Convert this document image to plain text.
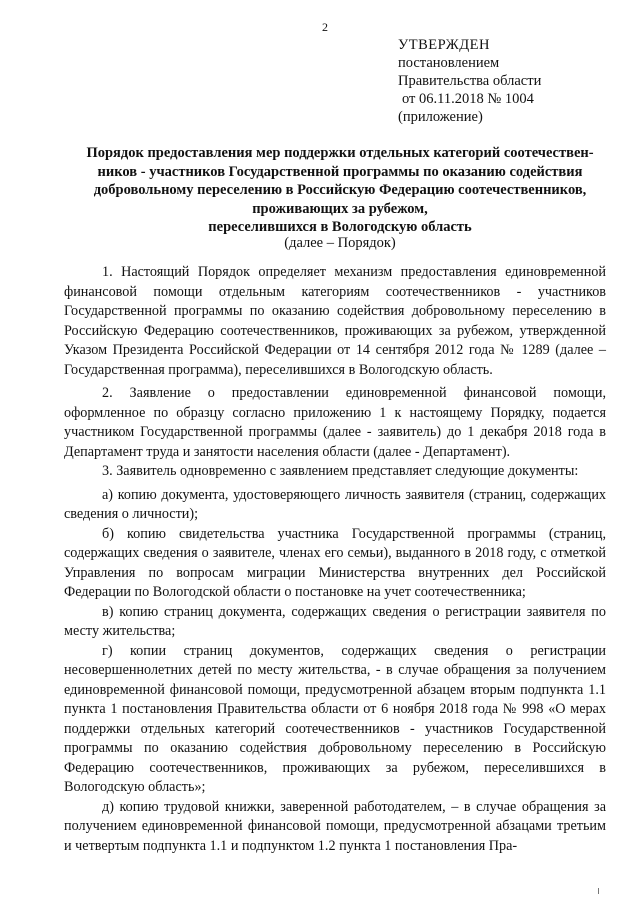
2
УТВЕРЖДЕН
постановлением
Правительства области
от 06.11.2018 № 1004
(приложение)
Порядок предоставления мер поддержки отдельных категорий соотечествен-
ников - участников Государственной программы по оказанию содействия
добровольному переселению в Российскую Федерацию соотечественников,
проживающих за рубежом,
переселившихся в Вологодскую область
(далее – Порядок)

1. Настоящий Порядок определяет механизм предоставления единовременной финансовой помощи отдельным категориям соотечественников - участников Государственной программы по оказанию содействия добровольному переселению в Российскую Федерацию соотечественников, проживающих за рубежом, утвержденной Указом Президента Российской Федерации от 14 сентября 2012 года № 1289 (далее – Государственная программа), переселившихся в Вологодскую область.

2. Заявление о предоставлении единовременной финансовой помощи, оформленное по образцу согласно приложению 1 к настоящему Порядку, подается участником Государственной программы (далее - заявитель) до 1 декабря 2018 года в Департамент труда и занятости населения области (далее - Департамент).

3. Заявитель одновременно с заявлением представляет следующие документы:

а) копию документа, удостоверяющего личность заявителя (страниц, содержащих сведения о личности);

б) копию свидетельства участника Государственной программы (страниц, содержащих сведения о заявителе, членах его семьи), выданного в 2018 году, с отметкой Управления по вопросам миграции Министерства внутренних дел Российской Федерации по Вологодской области о постановке на учет соотечественника;

в) копию страниц документа, содержащих сведения о регистрации заявителя по месту жительства;

г) копии страниц документов, содержащих сведения о регистрации несовершеннолетних детей по месту жительства, - в случае обращения за получением единовременной финансовой помощи, предусмотренной абзацем вторым подпункта 1.1 пункта 1 постановления Правительства области от 6 ноября 2018 года № 998 «О мерах поддержки отдельных категорий соотечественников - участников Государственной программы по оказанию содействия добровольному переселению в Российскую Федерацию соотечественников, проживающих за рубежом, переселившихся в Вологодскую область»;

д) копию трудовой книжки, заверенной работодателем, – в случае обращения за получением единовременной финансовой помощи, предусмотренной абзацами третьим и четвертым подпункта 1.1 и подпунктом 1.2 пункта 1 постановления Пра-
